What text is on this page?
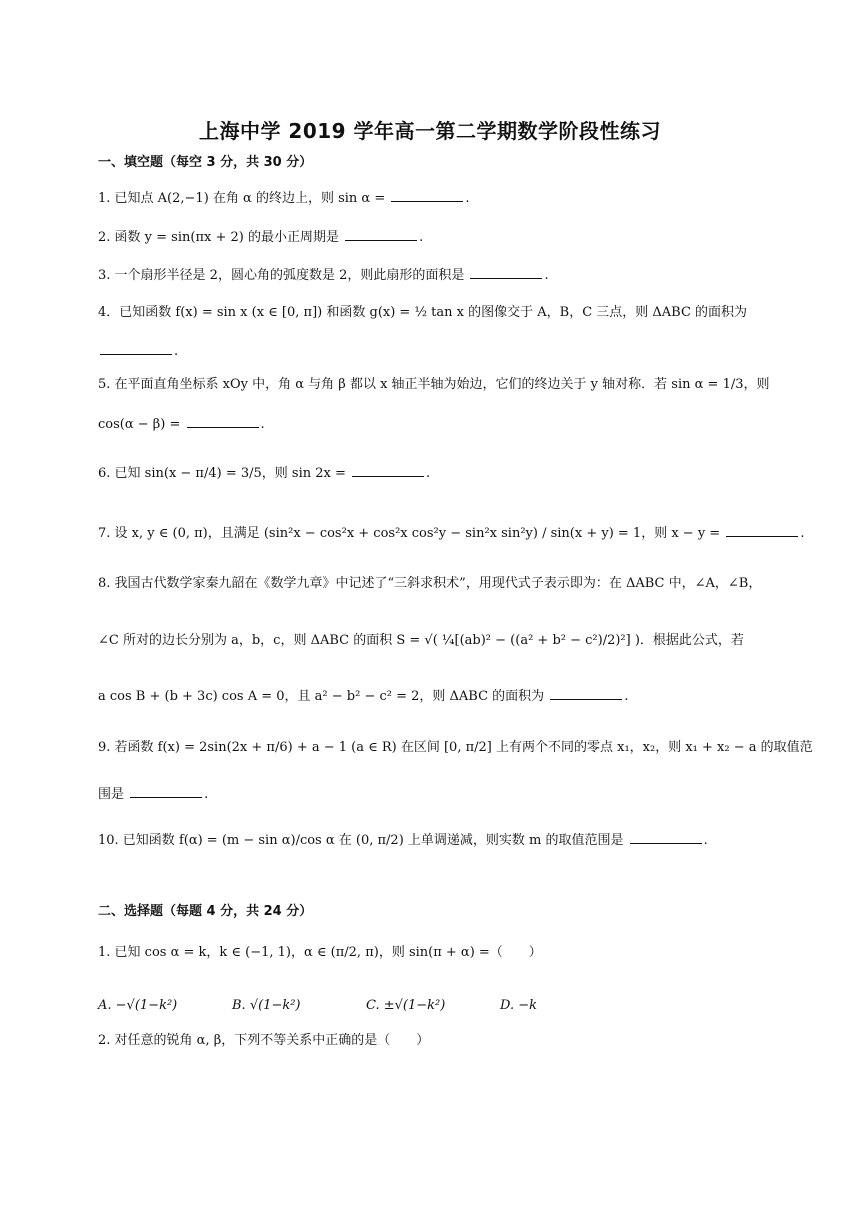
上海中学 2019 学年高一第二学期数学阶段性练习
一、填空题（每空 3 分，共 30 分）
1. 已知点 A(2,−1) 在角 α 的终边上，则 sin α =	.
2. 函数 y = sin(πx + 2) 的最小正周期是	.
3. 一个扇形半径是 2，圆心角的弧度数是 2，则此扇形的面积是	.
4．已知函数 f(x) = sin x (x ∈ [0, π]) 和函数 g(x) = ½ tan x 的图像交于 A，B，C 三点，则 ΔABC 的面积为
.
5. 在平面直角坐标系 xOy 中，角 α 与角 β 都以 x 轴正半轴为始边，它们的终边关于 y 轴对称．若 sin α = 1/3，则
cos(α − β) =	.
6. 已知 sin(x − π/4) = 3/5，则 sin 2x =	.
7. 设 x, y ∈ (0, π)，且满足 (sin²x − cos²x + cos²x cos²y − sin²x sin²y) / sin(x + y) = 1，则 x − y =	.
8. 我国古代数学家秦九韶在《数学九章》中记述了“三斜求积术”，用现代式子表示即为：在 ΔABC 中，∠A，∠B，
∠C 所对的边长分别为 a，b，c，则 ΔABC 的面积 S = √( ¼[(ab)² − ((a² + b² − c²)/2)²] )．根据此公式，若
a cos B + (b + 3c) cos A = 0，且 a² − b² − c² = 2，则 ΔABC 的面积为	.
9. 若函数 f(x) = 2sin(2x + π/6) + a − 1 (a ∈ R) 在区间 [0, π/2] 上有两个不同的零点 x₁，x₂，则 x₁ + x₂ − a 的取值范
围是	.
10. 已知函数 f(α) = (m − sin α)/cos α 在 (0, π/2) 上单调递减，则实数 m 的取值范围是	.
二、选择题（每题 4 分，共 24 分）
1. 已知 cos α = k，k ∈ (−1, 1)，α ∈ (π/2, π)，则 sin(π + α) =（　　）
A. −√(1−k²)	B. √(1−k²)	C. ±√(1−k²)	D. −k
2. 对任意的锐角 α, β，下列不等关系中正确的是（　　）
